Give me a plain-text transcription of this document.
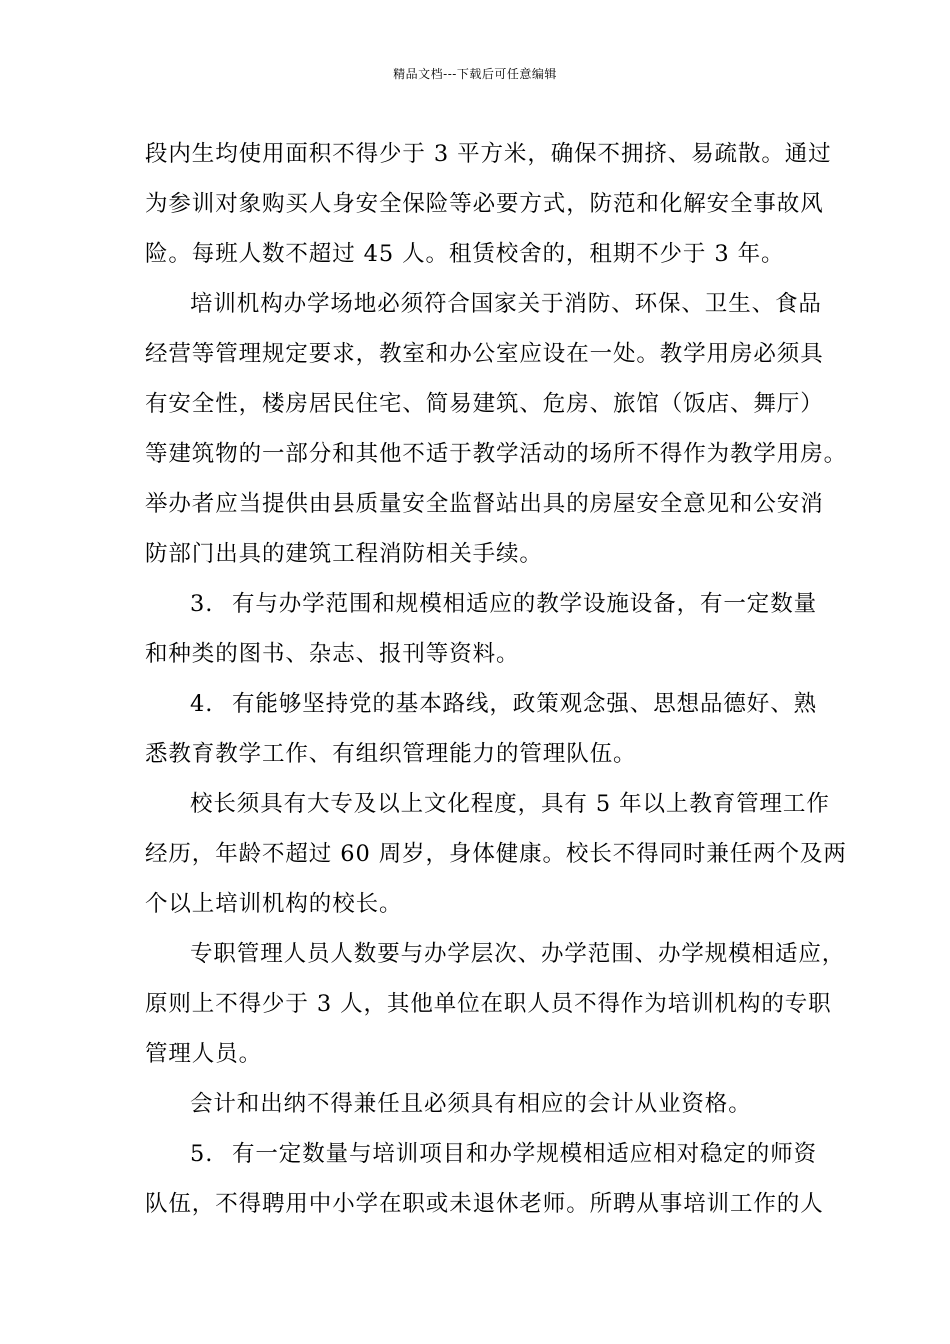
精品文档---下载后可任意编辑
段内生均使用面积不得少于 3 平方米，确保不拥挤、易疏散。通过
为参训对象购买人身安全保险等必要方式，防范和化解安全事故风
险。每班人数不超过 45 人。租赁校舍的，租期不少于 3 年。
培训机构办学场地必须符合国家关于消防、环保、卫生、食品
经营等管理规定要求，教室和办公室应设在一处。教学用房必须具
有安全性，楼房居民住宅、简易建筑、危房、旅馆（饭店、舞厅）
等建筑物的一部分和其他不适于教学活动的场所不得作为教学用房。
举办者应当提供由县质量安全监督站出具的房屋安全意见和公安消
防部门出具的建筑工程消防相关手续。
3. 有与办学范围和规模相适应的教学设施设备，有一定数量
和种类的图书、杂志、报刊等资料。
4. 有能够坚持党的基本路线，政策观念强、思想品德好、熟
悉教育教学工作、有组织管理能力的管理队伍。
校长须具有大专及以上文化程度，具有 5 年以上教育管理工作
经历，年龄不超过 60 周岁，身体健康。校长不得同时兼任两个及两
个以上培训机构的校长。
专职管理人员人数要与办学层次、办学范围、办学规模相适应，
原则上不得少于 3 人，其他单位在职人员不得作为培训机构的专职
管理人员。
会计和出纳不得兼任且必须具有相应的会计从业资格。
5. 有一定数量与培训项目和办学规模相适应相对稳定的师资
队伍，不得聘用中小学在职或未退休老师。所聘从事培训工作的人
